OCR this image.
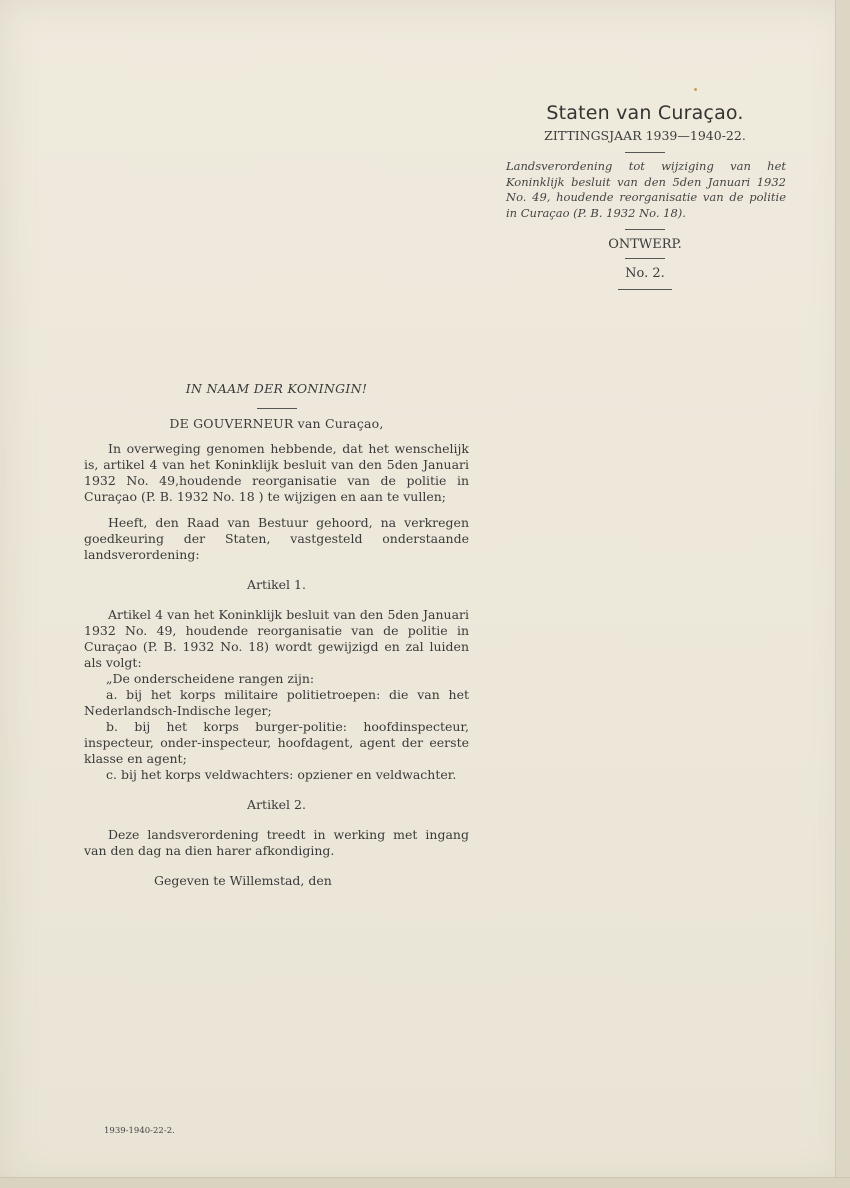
Staten van Curaçao.
ZITTINGSJAAR 1939—1940-22.
Landsverordening tot wijziging van het Koninklijk besluit van den 5den Januari 1932 No. 49, houdende reorganisatie van de politie in Curaçao (P. B. 1932 No. 18).
ONTWERP.
No. 2.
IN NAAM DER KONINGIN!
DE GOUVERNEUR van Curaçao,

In overweging genomen hebbende, dat het wenschelijk is, artikel 4 van het Koninklijk besluit van den 5den Januari 1932 No. 49,houdende reorganisatie van de politie in Curaçao (P. B. 1932 No. 18 ) te wijzigen en aan te vullen;

Heeft, den Raad van Bestuur gehoord, na verkregen goedkeuring der Staten, vastgesteld onderstaande landsverordening:

Artikel 1.

Artikel 4 van het Koninklijk besluit van den 5den Januari 1932 No. 49, houdende reorganisatie van de politie in Curaçao (P. B. 1932 No. 18) wordt gewijzigd en zal luiden als volgt:

„De onderscheidene rangen zijn:

a. bij het korps militaire politietroepen: die van het Nederlandsch-Indische leger;

b. bij het korps burger-politie: hoofdinspecteur, inspecteur, onder-inspecteur, hoofdagent, agent der eerste klasse en agent;

c. bij het korps veldwachters: opziener en veldwachter.

Artikel 2.

Deze landsverordening treedt in werking met ingang van den dag na dien harer afkondiging.

Gegeven te Willemstad, den

1939-1940-22-2.
